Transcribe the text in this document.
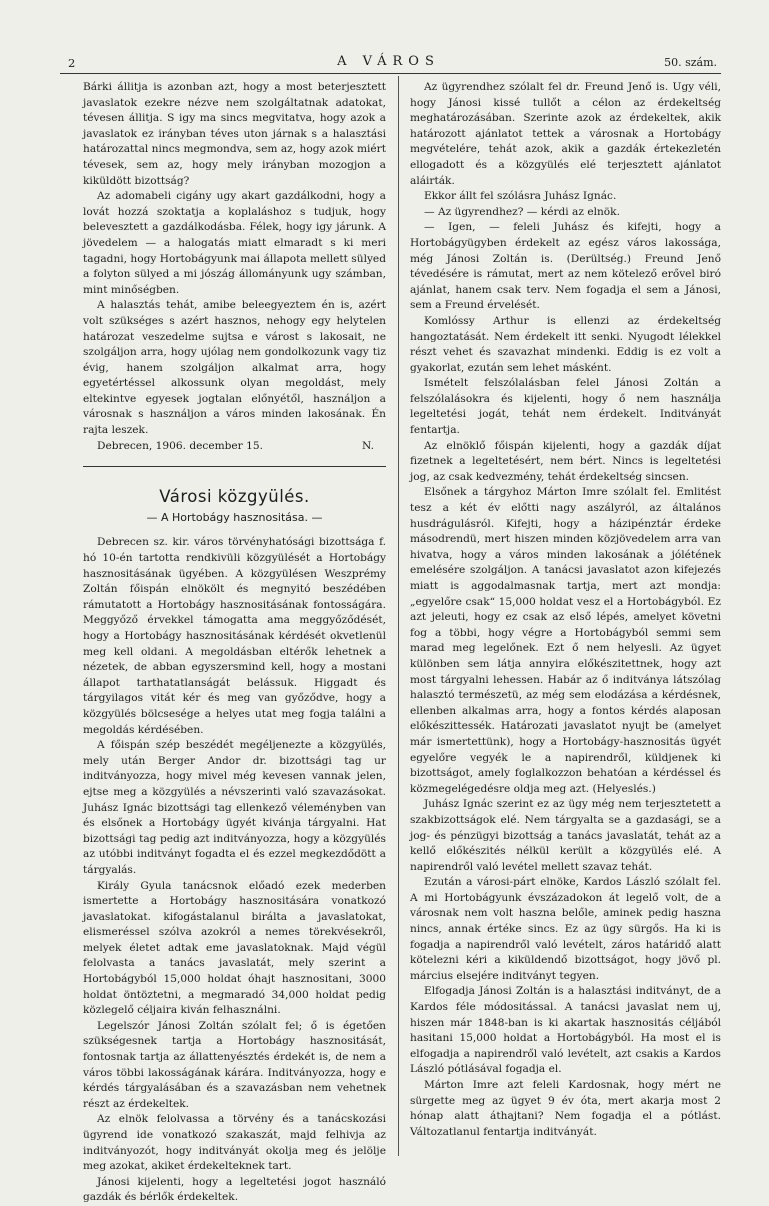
2	A VÁROS	50. szám.

Bárki állitja is azonban azt, hogy a most beterjesztett javaslatok ezekre nézve nem szolgáltatnak adatokat, tévesen állitja. S igy ma sincs megvitatva, hogy azok a javaslatok ez irányban téves uton járnak s a halasztási határozattal nincs megmondva, sem az, hogy azok miért tévesek, sem az, hogy mely irányban mozogjon a kiküldött bizottság?

Az adomabeli cigány ugy akart gazdálkodni, hogy a lovát hozzá szoktatja a koplaláshoz s tudjuk, hogy belevesztett a gazdálkodásba. Félek, hogy igy járunk. A jövedelem — a halogatás miatt elmaradt s ki meri tagadni, hogy Hortobágyunk mai állapota mellett sülyed a folyton sülyed a mi jószág állományunk ugy számban, mint minőségben.

A halasztás tehát, amibe beleegyeztem én is, azért volt szükséges s azért hasznos, nehogy egy helytelen határozat veszedelme sujtsa e várost s lakosait, ne szolgáljon arra, hogy ujólag nem gondolkozunk vagy tiz évig, hanem szolgáljon alkalmat arra, hogy egyetértéssel alkossunk olyan megoldást, mely eltekintve egyesek jogtalan előnyétől, használjon a városnak s használjon a város minden lakosának. Én rajta leszek.

Debrecen, 1906. december 15.	N.

Városi közgyülés.
— A Hortobágy hasznositása. —

Debrecen sz. kir. város törvényhatósági bizottsága f. hó 10-én tartotta rendkivüli közgyülését a Hortobágy hasznositásának ügyében. A közgyülésen Weszprémy Zoltán főispán elnökölt és megnyitó beszédében rámutatott a Hortobágy hasznositásának fontosságára. Meggyőző érvekkel támogatta ama meggyőződését, hogy a Hortobágy hasznositásának kérdését okvetlenül meg kell oldani. A megoldásban eltérők lehetnek a nézetek, de abban egyszersmind kell, hogy a mostani állapot tarthatatlanságát belássuk. Higgadt és tárgyilagos vitát kér és meg van győződve, hogy a közgyülés bölcsesége a helyes utat meg fogja találni a megoldás kérdésében.

A főispán szép beszédét megéljenezte a közgyülés, mely után Berger Andor dr. bizottsági tag ur inditványozza, hogy mivel még kevesen vannak jelen, ejtse meg a közgyülés a névszerinti való szavazásokat. Juhász Ignác bizottsági tag ellenkező véleményben van és elsőnek a Hortobágy ügyét kivánja tárgyalni. Hat bizottsági tag pedig azt inditványozza, hogy a közgyülés az utóbbi inditványt fogadta el és ezzel megkezdődött a tárgyalás.

Király Gyula tanácsnok előadó ezek mederben ismertette a Hortobágy hasznositására vonatkozó javaslatokat. kifogástalanul birálta a javaslatokat, elismeréssel szólva azokról a nemes törekvésekről, melyek életet adtak eme javaslatoknak. Majd végül felolvasta a tanács javaslatát, mely szerint a Hortobágyból 15,000 holdat óhajt hasznositani, 3000 holdat öntöztetni, a megmaradó 34,000 holdat pedig közlegelő céljaira kiván felhasználni.

Legelszór Jánosi Zoltán szólalt fel; ő is égetően szükségesnek tartja a Hortobágy hasznositását, fontosnak tartja az állattenyésztés érdekét is, de nem a város többi lakosságának kárára. Inditványozza, hogy e kérdés tárgyalásában és a szavazásban nem vehetnek részt az érdekeltek.

Az elnök felolvassa a törvény és a tanácskozási ügyrend ide vonatkozó szakaszát, majd felhivja az inditványozót, hogy inditványát okolja meg és jelölje meg azokat, akiket érdekelteknek tart.

Jánosi kijelenti, hogy a legeltetési jogot használó gazdák és bérlők érdekeltek.

Az ügyrendhez szólalt fel dr. Freund Jenő is. Ugy véli, hogy Jánosi kissé tullőt a célon az érdekeltség meghatározásában. Szerinte azok az érdekeltek, akik határozott ajánlatot tettek a városnak a Hortobágy megvételére, tehát azok, akik a gazdák értekezletén ellogadott és a közgyülés elé terjesztett ajánlatot aláirták.

Ekkor állt fel szólásra Juhász Ignác.

— Az ügyrendhez? — kérdi az elnök.

— Igen, — feleli Juhász és kifejti, hogy a Hortobágyügyben érdekelt az egész város lakossága, még Jánosi Zoltán is. (Derültség.) Freund Jenő tévedésére is rámutat, mert az nem kötelező erővel biró ajánlat, hanem csak terv. Nem fogadja el sem a Jánosi, sem a Freund érvelését.

Komlóssy Arthur is ellenzi az érdekeltség hangoztatását. Nem érdekelt itt senki. Nyugodt lélekkel részt vehet és szavazhat mindenki. Eddig is ez volt a gyakorlat, ezután sem lehet másként.

Ismételt felszólalásban felel Jánosi Zoltán a felszólalásokra és kijelenti, hogy ő nem használja legeltetési jogát, tehát nem érdekelt. Inditványát fentartja.

Az elnöklő főispán kijelenti, hogy a gazdák díjat fizetnek a legeltetésért, nem bért. Nincs is legeltetési jog, az csak kedvezmény, tehát érdekeltség sincsen.

Elsőnek a tárgyhoz Márton Imre szólalt fel. Emlitést tesz a két év előtti nagy aszályról, az általános husdrágulásról. Kifejti, hogy a házipénztár érdeke másodrendü, mert hiszen minden közjövedelem arra van hivatva, hogy a város minden lakosának a jólétének emelésére szolgáljon. A tanácsi javaslatot azon kifejezés miatt is aggodalmasnak tartja, mert azt mondja: „egyelőre csak“ 15,000 holdat vesz el a Hortobágyból. Ez azt jeleuti, hogy ez csak az első lépés, amelyet követni fog a többi, hogy végre a Hortobágyból semmi sem marad meg legelőnek. Ezt ő nem helyesli. Az ügyet különben sem látja annyira előkészitettnek, hogy azt most tárgyalni lehessen. Habár az ő inditványa látszólag halasztó természetü, az még sem elodázása a kérdésnek, ellenben alkalmas arra, hogy a fontos kérdés alaposan előkészittessék. Határozati javaslatot nyujt be (amelyet már ismertettünk), hogy a Hortobágy-hasznositás ügyét egyelőre vegyék le a napirendről, küldjenek ki bizottságot, amely foglalkozzon behatóan a kérdéssel és közmegelégedésre oldja meg azt. (Helyeslés.)

Juhász Ignác szerint ez az ügy még nem terjesztetett a szakbizottságok elé. Nem tárgyalta se a gazdasági, se a jog- és pénzügyi bizottság a tanács javaslatát, tehát az a kellő előkészités nélkül került a közgyülés elé. A napirendről való levétel mellett szavaz tehát.

Ezután a városi-párt elnöke, Kardos László szólalt fel. A mi Hortobágyunk évszázadokon át legelő volt, de a városnak nem volt haszna belőle, aminek pedig haszna nincs, annak értéke sincs. Ez az ügy sürgős. Ha ki is fogadja a napirendről való levételt, záros határidő alatt kötelezni kéri a kiküldendő bizottságot, hogy jövő pl. március elsejére inditványt tegyen.

Elfogadja Jánosi Zoltán is a halasztási inditványt, de a Kardos féle módositással. A tanácsi javaslat nem uj, hiszen már 1848-ban is ki akartak hasznositás céljából hasitani 15,000 holdat a Hortobágyból. Ha most el is elfogadja a napirendről való levételt, azt csakis a Kardos László pótlásával fogadja el.

Márton Imre azt feleli Kardosnak, hogy mért ne sürgette meg az ügyet 9 év óta, mert akarja most 2 hónap alatt áthajtani? Nem fogadja el a pótlást. Változatlanul fentartja inditványát.
